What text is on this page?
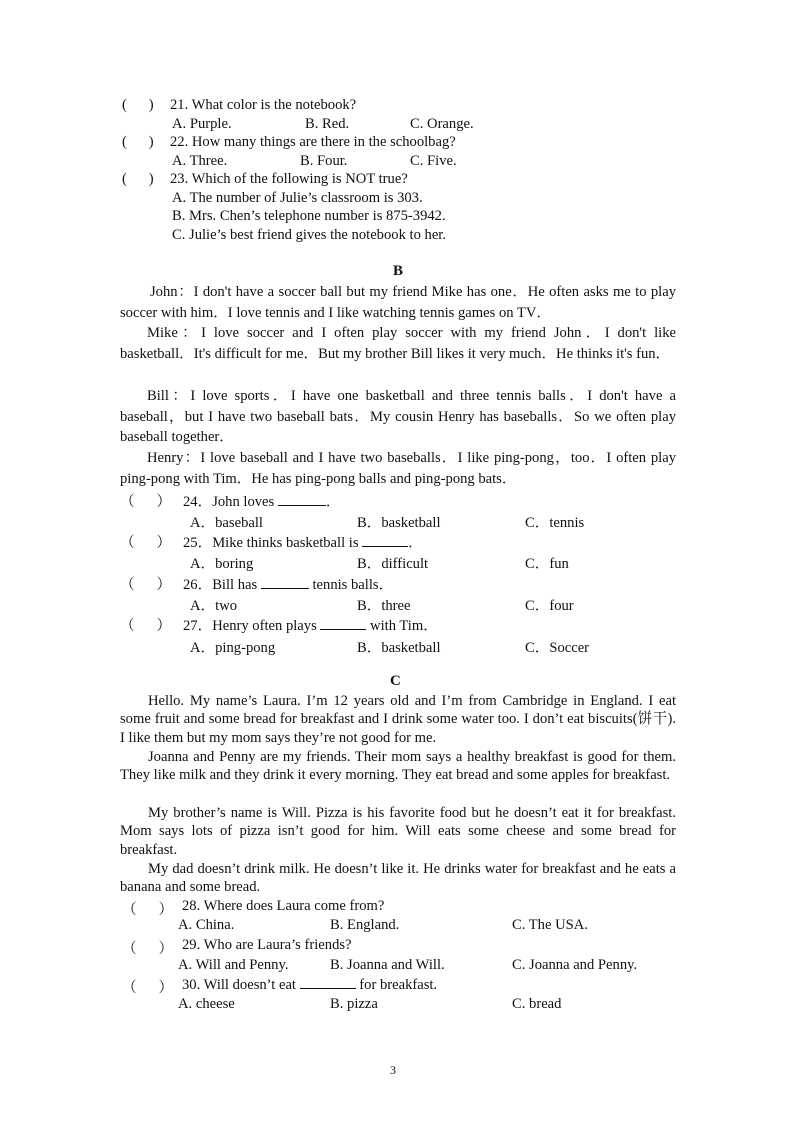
(      ) 21. What color is the notebook?
A. Purple.	B. Red.	C. Orange.
(      ) 22. How many things are there in the schoolbag?
A. Three.	B. Four.	C. Five.
(      ) 23. Which of the following is NOT true?
A. The number of Julie’s classroom is 303.
B. Mrs. Chen’s telephone number is 875-3942.
C. Julie’s best friend gives the notebook to her.
B
John：I don't have a soccer ball but my friend Mike has one．He often asks me to play soccer with him．I love tennis and I like watching tennis games on TV．
Mike：I love soccer and I often play soccer with my friend John．I don't like basketball．It's difficult for me．But my brother Bill likes it very much．He thinks it's fun．
Bill：I love sports．I have one basketball and three tennis balls．I don't have a baseball，but I have two baseball bats．My cousin Henry has baseballs．So we often play baseball together．
Henry：I love baseball and I have two baseballs．I like ping-pong，too．I often play ping-pong with Tim．He has ping-pong balls and ping-pong bats．
（      ） 24．John loves	．
A．baseball	B．basketball	C．tennis
（      ） 25．Mike thinks basketball is	．
A．boring	B．difficult	C．fun
（      ） 26．Bill has	tennis balls．
A．two	B．three	C．four
（      ） 27．Henry often plays	with Tim．
A．ping-pong	B．basketball	C．Soccer
C
Hello. My name’s Laura. I’m 12 years old and I’m from Cambridge in England. I eat some fruit and some bread for breakfast and I drink some water too. I don’t eat biscuits(饼干). I like them but my mom says they’re not good for me.
Joanna and Penny are my friends. Their mom says a healthy breakfast is good for them. They like milk and they drink it every morning. They eat bread and some apples for breakfast.
My brother’s name is Will. Pizza is his favorite food but he doesn’t eat it for breakfast. Mom says lots of pizza isn’t good for him. Will eats some cheese and some bread for breakfast.
My dad doesn’t drink milk. He doesn’t like it. He drinks water for breakfast and he eats a banana and some bread.
（      ） 28. Where does Laura come from?
A. China.	B. England.	C. The USA.
（      ） 29. Who are Laura’s friends?
A. Will and Penny.	B. Joanna and Will.	C. Joanna and Penny.
（      ） 30. Will doesn’t eat	for breakfast.
A. cheese	B. pizza	C. bread
3
